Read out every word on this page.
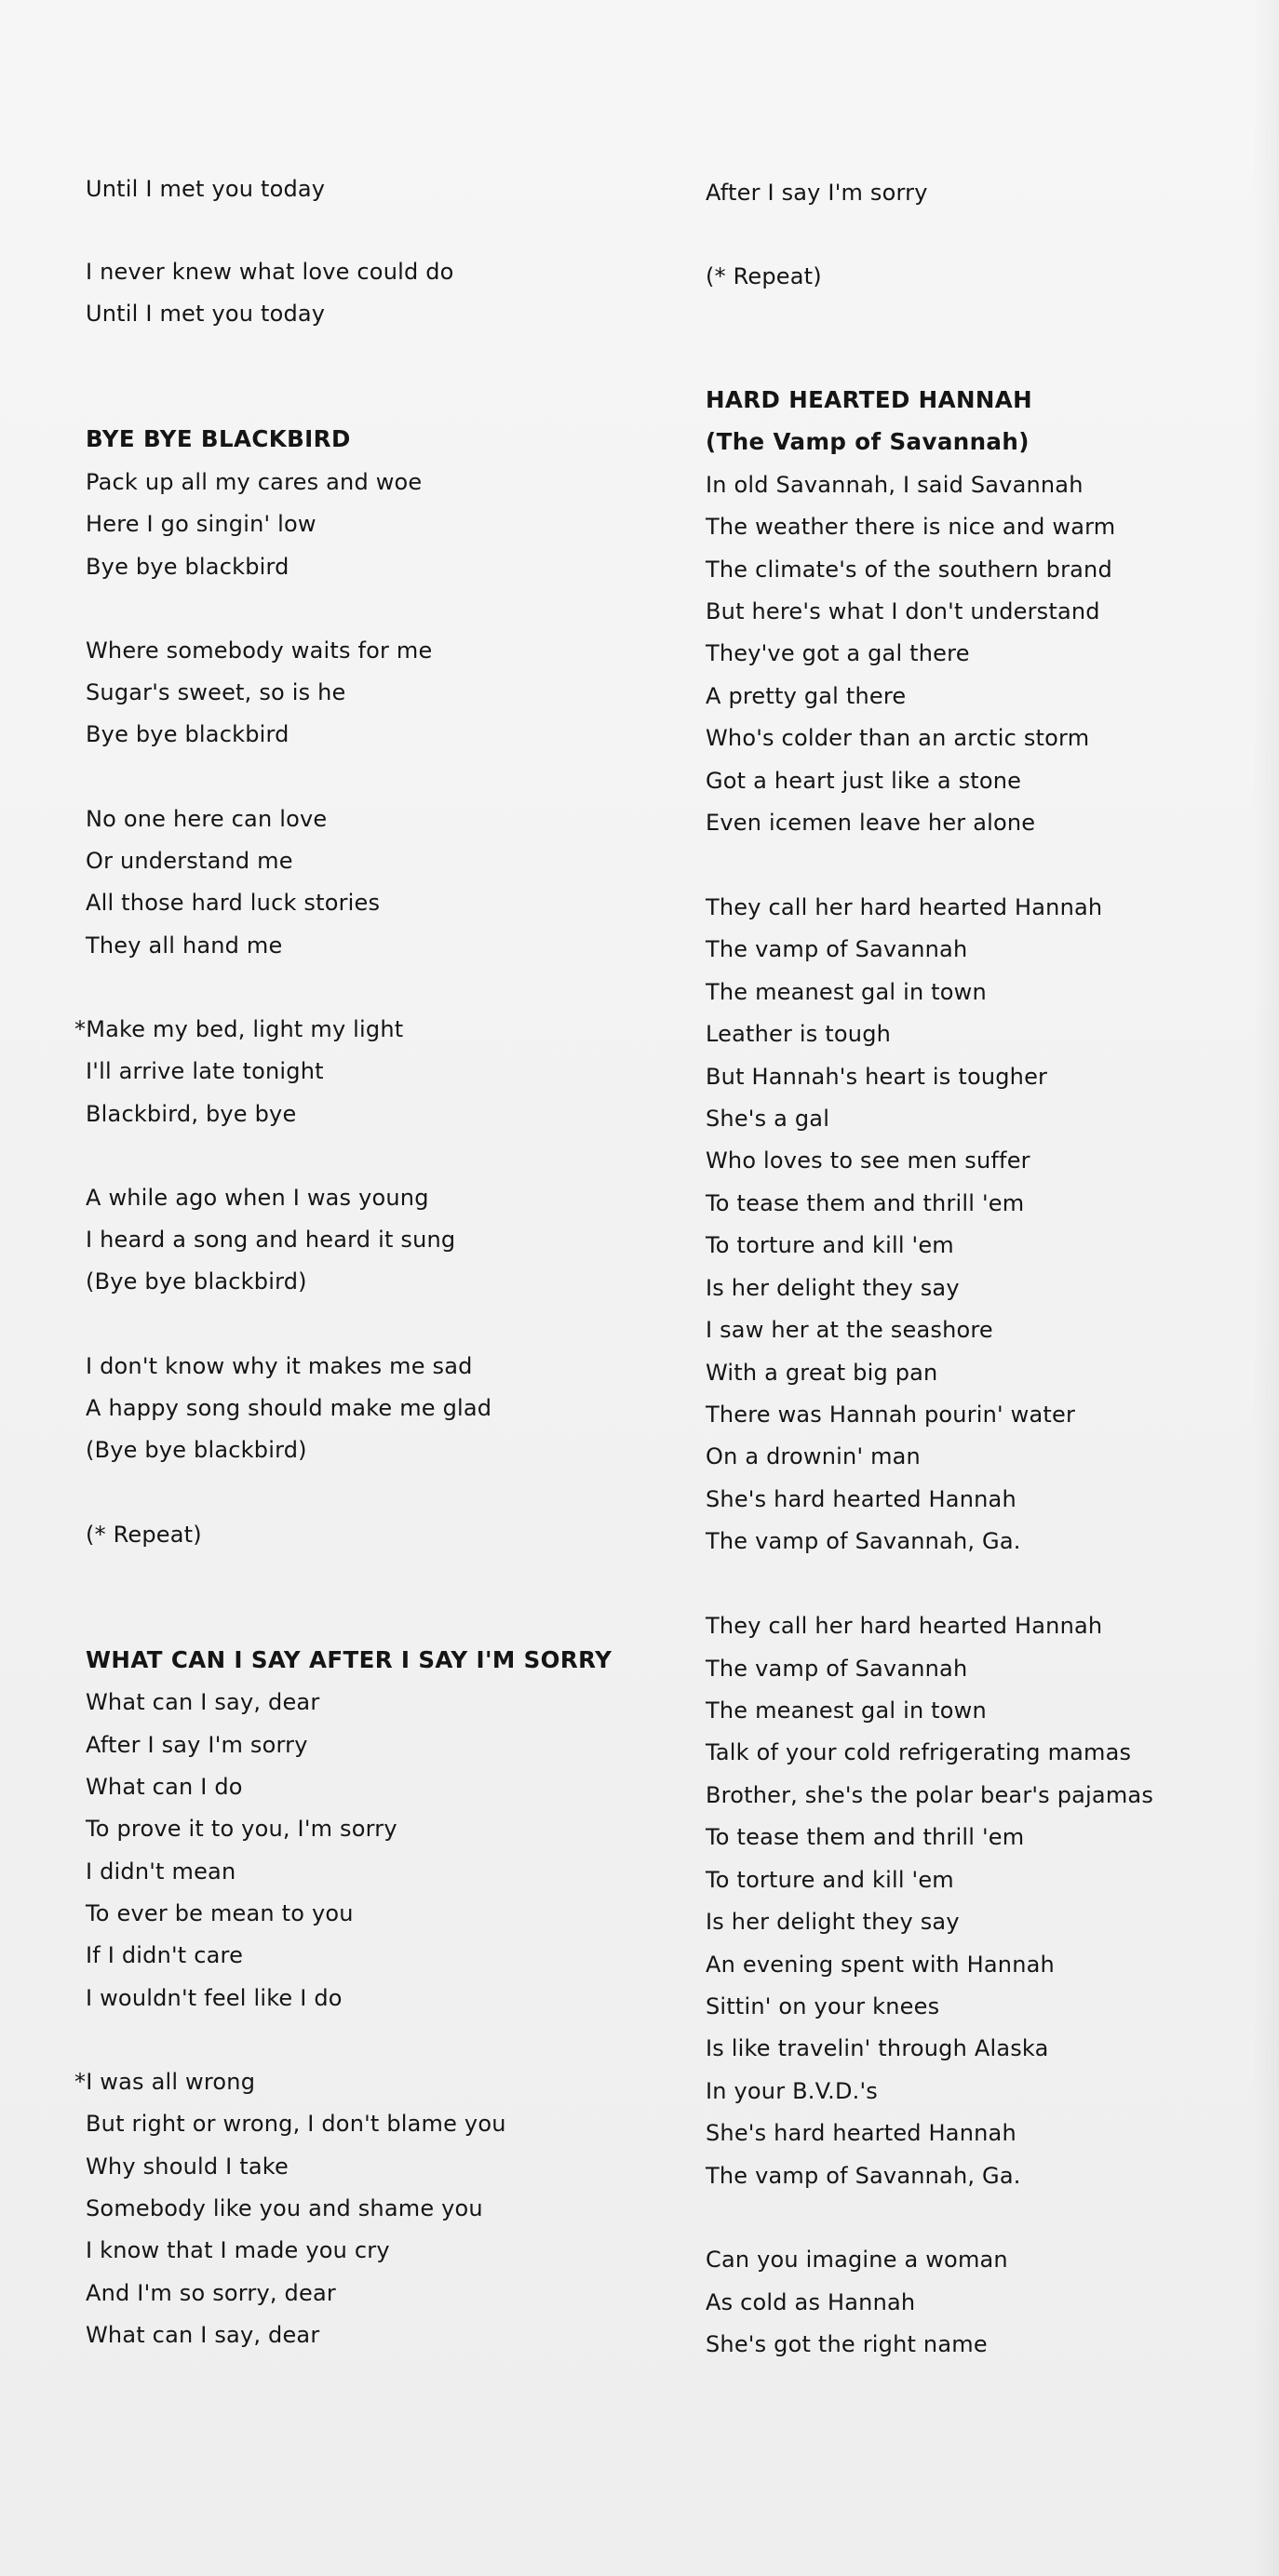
Until I met you today
I never knew what love could do
Until I met you today
BYE BYE BLACKBIRD
Pack up all my cares and woe
Here I go singin' low
Bye bye blackbird
Where somebody waits for me
Sugar's sweet, so is he
Bye bye blackbird
No one here can love
Or understand me
All those hard luck stories
They all hand me
*Make my bed, light my light
I'll arrive late tonight
Blackbird, bye bye
A while ago when I was young
I heard a song and heard it sung
(Bye bye blackbird)
I don't know why it makes me sad
A happy song should make me glad
(Bye bye blackbird)
(* Repeat)
WHAT CAN I SAY AFTER I SAY I'M SORRY
What can I say, dear
After I say I'm sorry
What can I do
To prove it to you, I'm sorry
I didn't mean
To ever be mean to you
If I didn't care
I wouldn't feel like I do
*I was all wrong
But right or wrong, I don't blame you
Why should I take
Somebody like you and shame you
I know that I made you cry
And I'm so sorry, dear
What can I say, dear
After I say I'm sorry
(* Repeat)
HARD HEARTED HANNAH
(The Vamp of Savannah)
In old Savannah, I said Savannah
The weather there is nice and warm
The climate's of the southern brand
But here's what I don't understand
They've got a gal there
A pretty gal there
Who's colder than an arctic storm
Got a heart just like a stone
Even icemen leave her alone
They call her hard hearted Hannah
The vamp of Savannah
The meanest gal in town
Leather is tough
But Hannah's heart is tougher
She's a gal
Who loves to see men suffer
To tease them and thrill 'em
To torture and kill 'em
Is her delight they say
I saw her at the seashore
With a great big pan
There was Hannah pourin' water
On a drownin' man
She's hard hearted Hannah
The vamp of Savannah, Ga.
They call her hard hearted Hannah
The vamp of Savannah
The meanest gal in town
Talk of your cold refrigerating mamas
Brother, she's the polar bear's pajamas
To tease them and thrill 'em
To torture and kill 'em
Is her delight they say
An evening spent with Hannah
Sittin' on your knees
Is like travelin' through Alaska
In your B.V.D.'s
She's hard hearted Hannah
The vamp of Savannah, Ga.
Can you imagine a woman
As cold as Hannah
She's got the right name
